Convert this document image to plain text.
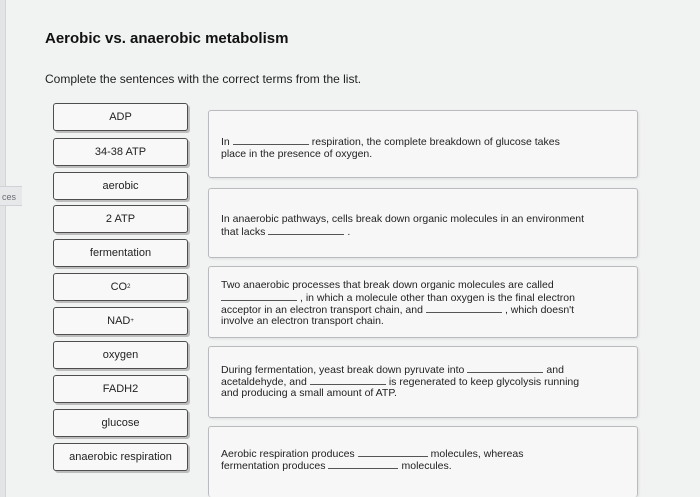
ces
Aerobic vs. anaerobic metabolism
Complete the sentences with the correct terms from the list.
ADP
34-38 ATP
aerobic
2 ATP
fermentation
CO 2
NAD +
oxygen
FADH2
glucose
anaerobic respiration
In	respiration, the complete breakdown of glucose takes
place in the presence of oxygen.
In anaerobic pathways, cells break down organic molecules in an environment
that lacks	.
Two anaerobic processes that break down organic molecules are called
, in which a molecule other than oxygen is the final electron
acceptor in an electron transport chain, and	, which doesn't
involve an electron transport chain.
During fermentation, yeast break down pyruvate into	and
acetaldehyde, and	is regenerated to keep glycolysis running
and producing a small amount of ATP.
Aerobic respiration produces	molecules, whereas
fermentation produces	molecules.
